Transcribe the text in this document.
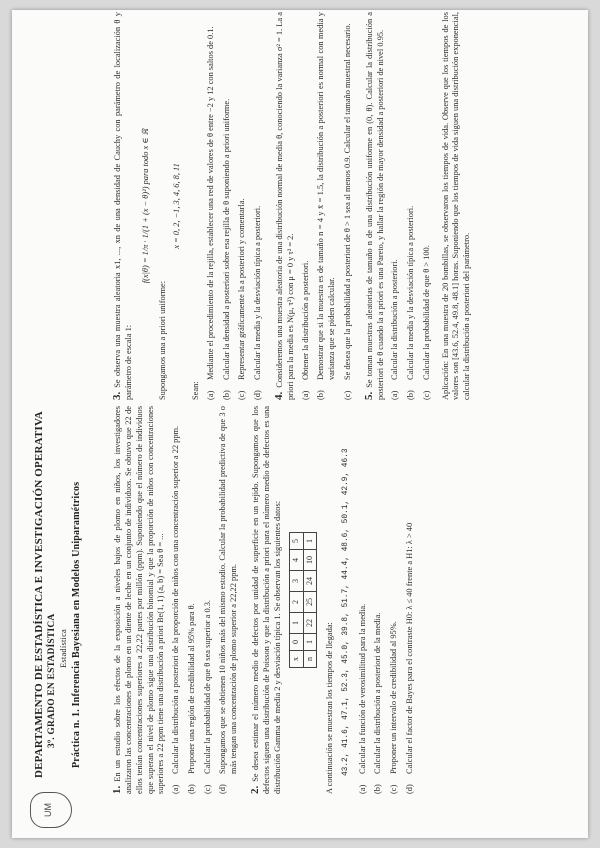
UM
DEPARTAMENTO DE ESTADÍSTICA E INVESTIGACIÓN OPERATIVA 3º. GRADO EN ESTADÍSTICA Estadística Práctica n. 1. Inferencia Bayesiana en Modelos Uniparamétricos

1.En un estudio sobre los efectos de la exposición a niveles bajos de plomo en niños, los investigadores analizaron las concentraciones de plomo en un diente de leche en un conjunto de individuos. Se obtuvo que 22 de ellos tenían concentraciones superiores a 22,22 partes por millón (ppm). Suponiendo que el número de individuos que superan el nivel de plomo sigue una distribución binomial y que la proporción de niños con concentraciones superiores a 22 ppm tiene una distribución a priori Be(1, 1) (a, b) = Sea θ = ... (a)
Calcular la distribución a posteriori de la proporción de niños con una concentración superior a 22 ppm.
(b)
Proponer una región de credibilidad al 95% para θ.
(c)
Calcular la probabilidad de que θ sea superior a 0.3.
(d)
Supongamos que se obtienen 10 niños más del mismo estudio. Calcular la probabilidad predictiva de que 3 o más tengan una concentración de plomo superior a 22,22 ppm.

2.Se desea estimar el número medio de defectos por unidad de superficie en un tejido. Supongamos que los defectos siguen una distribución de Poisson y que la distribución a priori para el número medio de defectos es una distribución Gamma de media 2 y desviación típica 1. Se observan los siguientes datos: x	0	1	2	3	4	5
n	1	22	25	24	10	1

A continuación se muestran los tiempos de llegada: 43.2, 41.6, 47.1, 52.3, 45.0, 39.8, 51.7, 44.4, 48.6, 50.1, 42.9, 46.3
(a)
Calcular la función de verosimilitud para la media.
(b)
Calcular la distribución a posteriori de la media.
(c)
Proponer un intervalo de credibilidad al 95%.
(d)
Calcular el factor de Bayes para el contraste H0: λ ≤ 40 frente a H1: λ > 40

3.Se observa una muestra aleatoria x1, ..., xn de una densidad de Cauchy con parámetro de localización θ y parámetro de escala 1:

f(x|θ) = 1/π · 1/(1 + (x − θ)²) para todo x ∈ ℝ

Supongamos una a priori uniforme:

x = 0, 2, −1, 3, 4, 6, 8, 11

Sean: (a)
Mediante el procedimiento de la rejilla, establecer una red de valores de θ entre −2 y 12 con saltos de 0.1.
(b)
Calcular la densidad a posteriori sobre esa rejilla de θ suponiendo a priori uniforme.
(c)
Representar gráficamente la a posteriori y comentarla.
(d)
Calcular la media y la desviación típica a posteriori.

4.Consideremos una muestra aleatoria de una distribución normal de media θ, conociendo la varianza σ² = 1. La a priori para la media es N(μ, τ²) con μ = 0 y τ² = 2. (a)
Obtener la distribución a posteriori.
(b)
Demostrar que si la muestra es de tamaño n = 4 y x̄ = 1.5, la distribución a posteriori es normal con media y varianza que se piden calcular.
(c)
Se desea que la probabilidad a posteriori de θ > 1 sea al menos 0.9. Calcular el tamaño muestral necesario.

5.Se toman muestras aleatorias de tamaño n de una distribución uniforme en (0, θ). Calcular la distribución a posteriori de θ cuando la a priori es una Pareto, y hallar la región de mayor densidad a posteriori de nivel 0.95. (a)
Calcular la distribución a posteriori.
(b)
Calcular la media y la desviación típica a posteriori.
(c)
Calcular la probabilidad de que θ > 100. Aplicación: En una muestra de 20 bombillas, se observaron los tiempos de vida. Observe que los tiempos de los valores son [43.6, 52.4, 49.8, 48.1] horas. Suponiendo que los tiempos de vida siguen una distribución exponencial, calcular la distribución a posteriori del parámetro.
